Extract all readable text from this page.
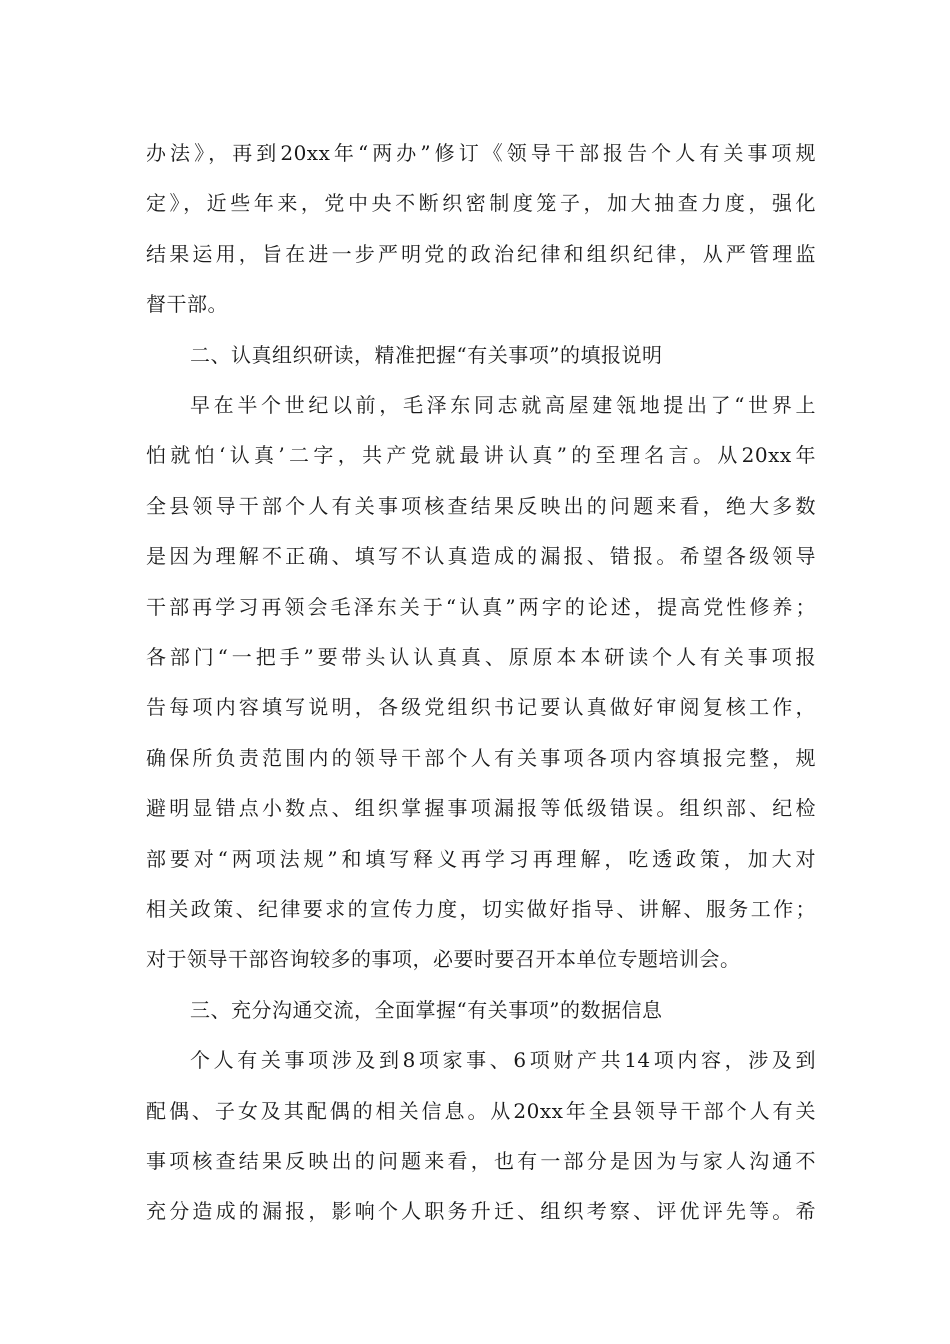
办法》，再到20xx年“两办”修订《领导干部报告个人有关事项规
定》，近些年来，党中央不断织密制度笼子，加大抽查力度，强化
结果运用，旨在进一步严明党的政治纪律和组织纪律，从严管理监
督干部。
二、认真组织研读，精准把握“有关事项”的填报说明
早在半个世纪以前，毛泽东同志就高屋建瓴地提出了“世界上
怕就怕‘认真’二字，共产党就最讲认真”的至理名言。从20xx年
全县领导干部个人有关事项核查结果反映出的问题来看，绝大多数
是因为理解不正确、填写不认真造成的漏报、错报。希望各级领导
干部再学习再领会毛泽东关于“认真”两字的论述，提高党性修养；
各部门“一把手”要带头认认真真、原原本本研读个人有关事项报
告每项内容填写说明，各级党组织书记要认真做好审阅复核工作，
确保所负责范围内的领导干部个人有关事项各项内容填报完整，规
避明显错点小数点、组织掌握事项漏报等低级错误。组织部、纪检
部要对“两项法规”和填写释义再学习再理解，吃透政策，加大对
相关政策、纪律要求的宣传力度，切实做好指导、讲解、服务工作；
对于领导干部咨询较多的事项，必要时要召开本单位专题培训会。
三、充分沟通交流，全面掌握“有关事项”的数据信息
个人有关事项涉及到8项家事、6项财产共14项内容，涉及到
配偶、子女及其配偶的相关信息。从20xx年全县领导干部个人有关
事项核查结果反映出的问题来看，也有一部分是因为与家人沟通不
充分造成的漏报，影响个人职务升迁、组织考察、评优评先等。希
